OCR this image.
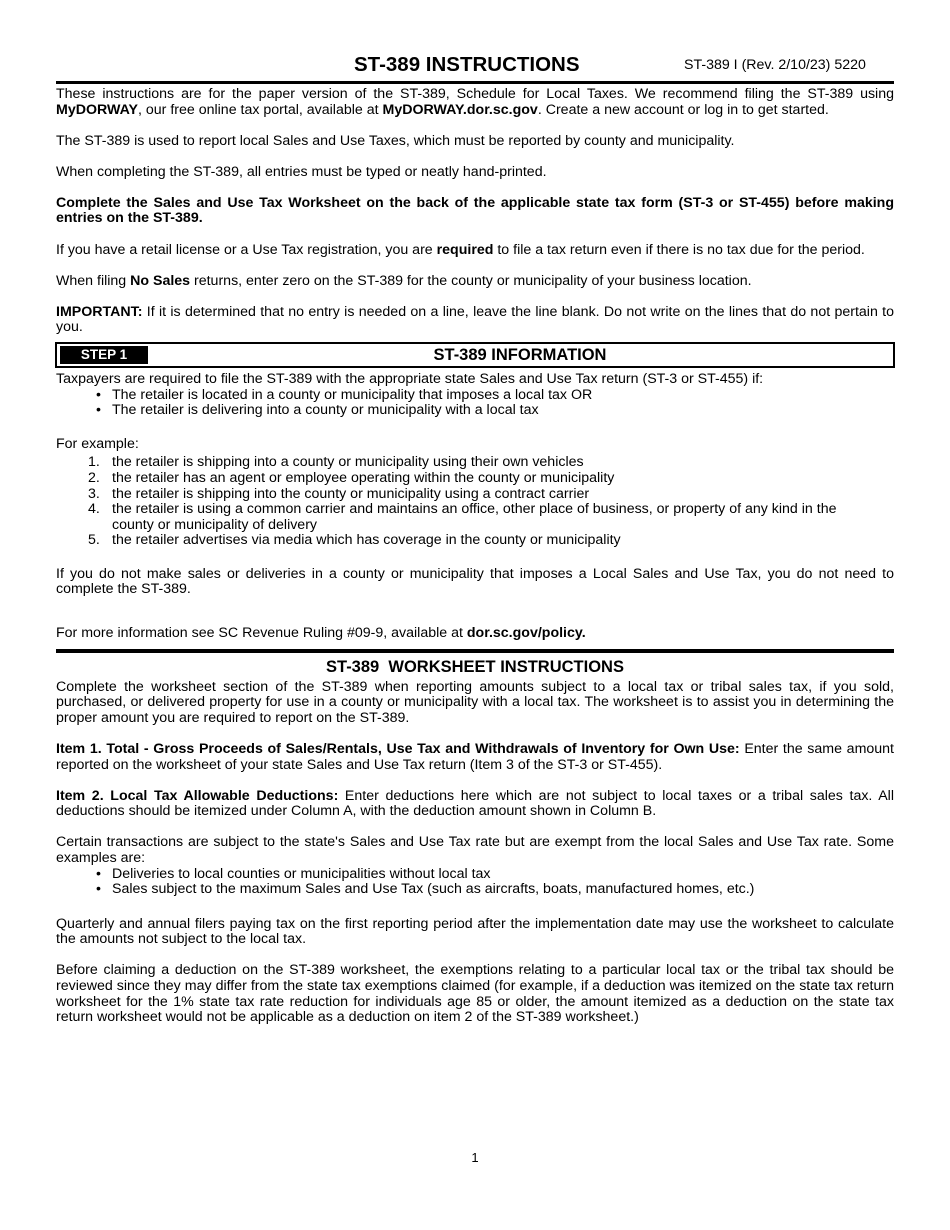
ST-389 INSTRUCTIONS	ST-389 I (Rev. 2/10/23) 5220

These instructions are for the paper version of the ST-389, Schedule for Local Taxes. We recommend filing the ST-389 using MyDORWAY, our free online tax portal, available at MyDORWAY.dor.sc.gov. Create a new account or log in to get started.

The ST-389 is used to report local Sales and Use Taxes, which must be reported by county and municipality.

When completing the ST-389, all entries must be typed or neatly hand-printed.

Complete the Sales and Use Tax Worksheet on the back of the applicable state tax form (ST-3 or ST-455) before making entries on the ST-389.

If you have a retail license or a Use Tax registration, you are required to file a tax return even if there is no tax due for the period.

When filing No Sales returns, enter zero on the ST-389 for the county or municipality of your business location.

IMPORTANT: If it is determined that no entry is needed on a line, leave the line blank. Do not write on the lines that do not pertain to you.

STEP 1	ST-389 INFORMATION

Taxpayers are required to file the ST-389 with the appropriate state Sales and Use Tax return (ST-3 or ST-455) if:

• The retailer is located in a county or municipality that imposes a local tax OR
• The retailer is delivering into a county or municipality with a local tax

For example:

1. the retailer is shipping into a county or municipality using their own vehicles
2. the retailer has an agent or employee operating within the county or municipality
3. the retailer is shipping into the county or municipality using a contract carrier
4. the retailer is using a common carrier and maintains an office, other place of business, or property of any kind in the county or municipality of delivery
5. the retailer advertises via media which has coverage in the county or municipality

If you do not make sales or deliveries in a county or municipality that imposes a Local Sales and Use Tax, you do not need to complete the ST-389.

For more information see SC Revenue Ruling #09-9, available at dor.sc.gov/policy.

ST-389  WORKSHEET INSTRUCTIONS

Complete the worksheet section of the ST-389 when reporting amounts subject to a local tax or tribal sales tax, if you sold, purchased, or delivered property for use in a county or municipality with a local tax. The worksheet is to assist you in determining the proper amount you are required to report on the ST-389.

Item 1. Total - Gross Proceeds of Sales/Rentals, Use Tax and Withdrawals of Inventory for Own Use: Enter the same amount reported on the worksheet of your state Sales and Use Tax return (Item 3 of the ST-3 or ST-455).

Item 2. Local Tax Allowable Deductions: Enter deductions here which are not subject to local taxes or a tribal sales tax. All deductions should be itemized under Column A, with the deduction amount shown in Column B.

Certain transactions are subject to the state's Sales and Use Tax rate but are exempt from the local Sales and Use Tax rate. Some examples are:

• Deliveries to local counties or municipalities without local tax
• Sales subject to the maximum Sales and Use Tax (such as aircrafts, boats, manufactured homes, etc.)

Quarterly and annual filers paying tax on the first reporting period after the implementation date may use the worksheet to calculate the amounts not subject to the local tax.

Before claiming a deduction on the ST-389 worksheet, the exemptions relating to a particular local tax or the tribal tax should be reviewed since they may differ from the state tax exemptions claimed (for example, if a deduction was itemized on the state tax return worksheet for the 1% state tax rate reduction for individuals age 85 or older, the amount itemized as a deduction on the state tax return worksheet would not be applicable as a deduction on item 2 of the ST-389 worksheet.)

1
